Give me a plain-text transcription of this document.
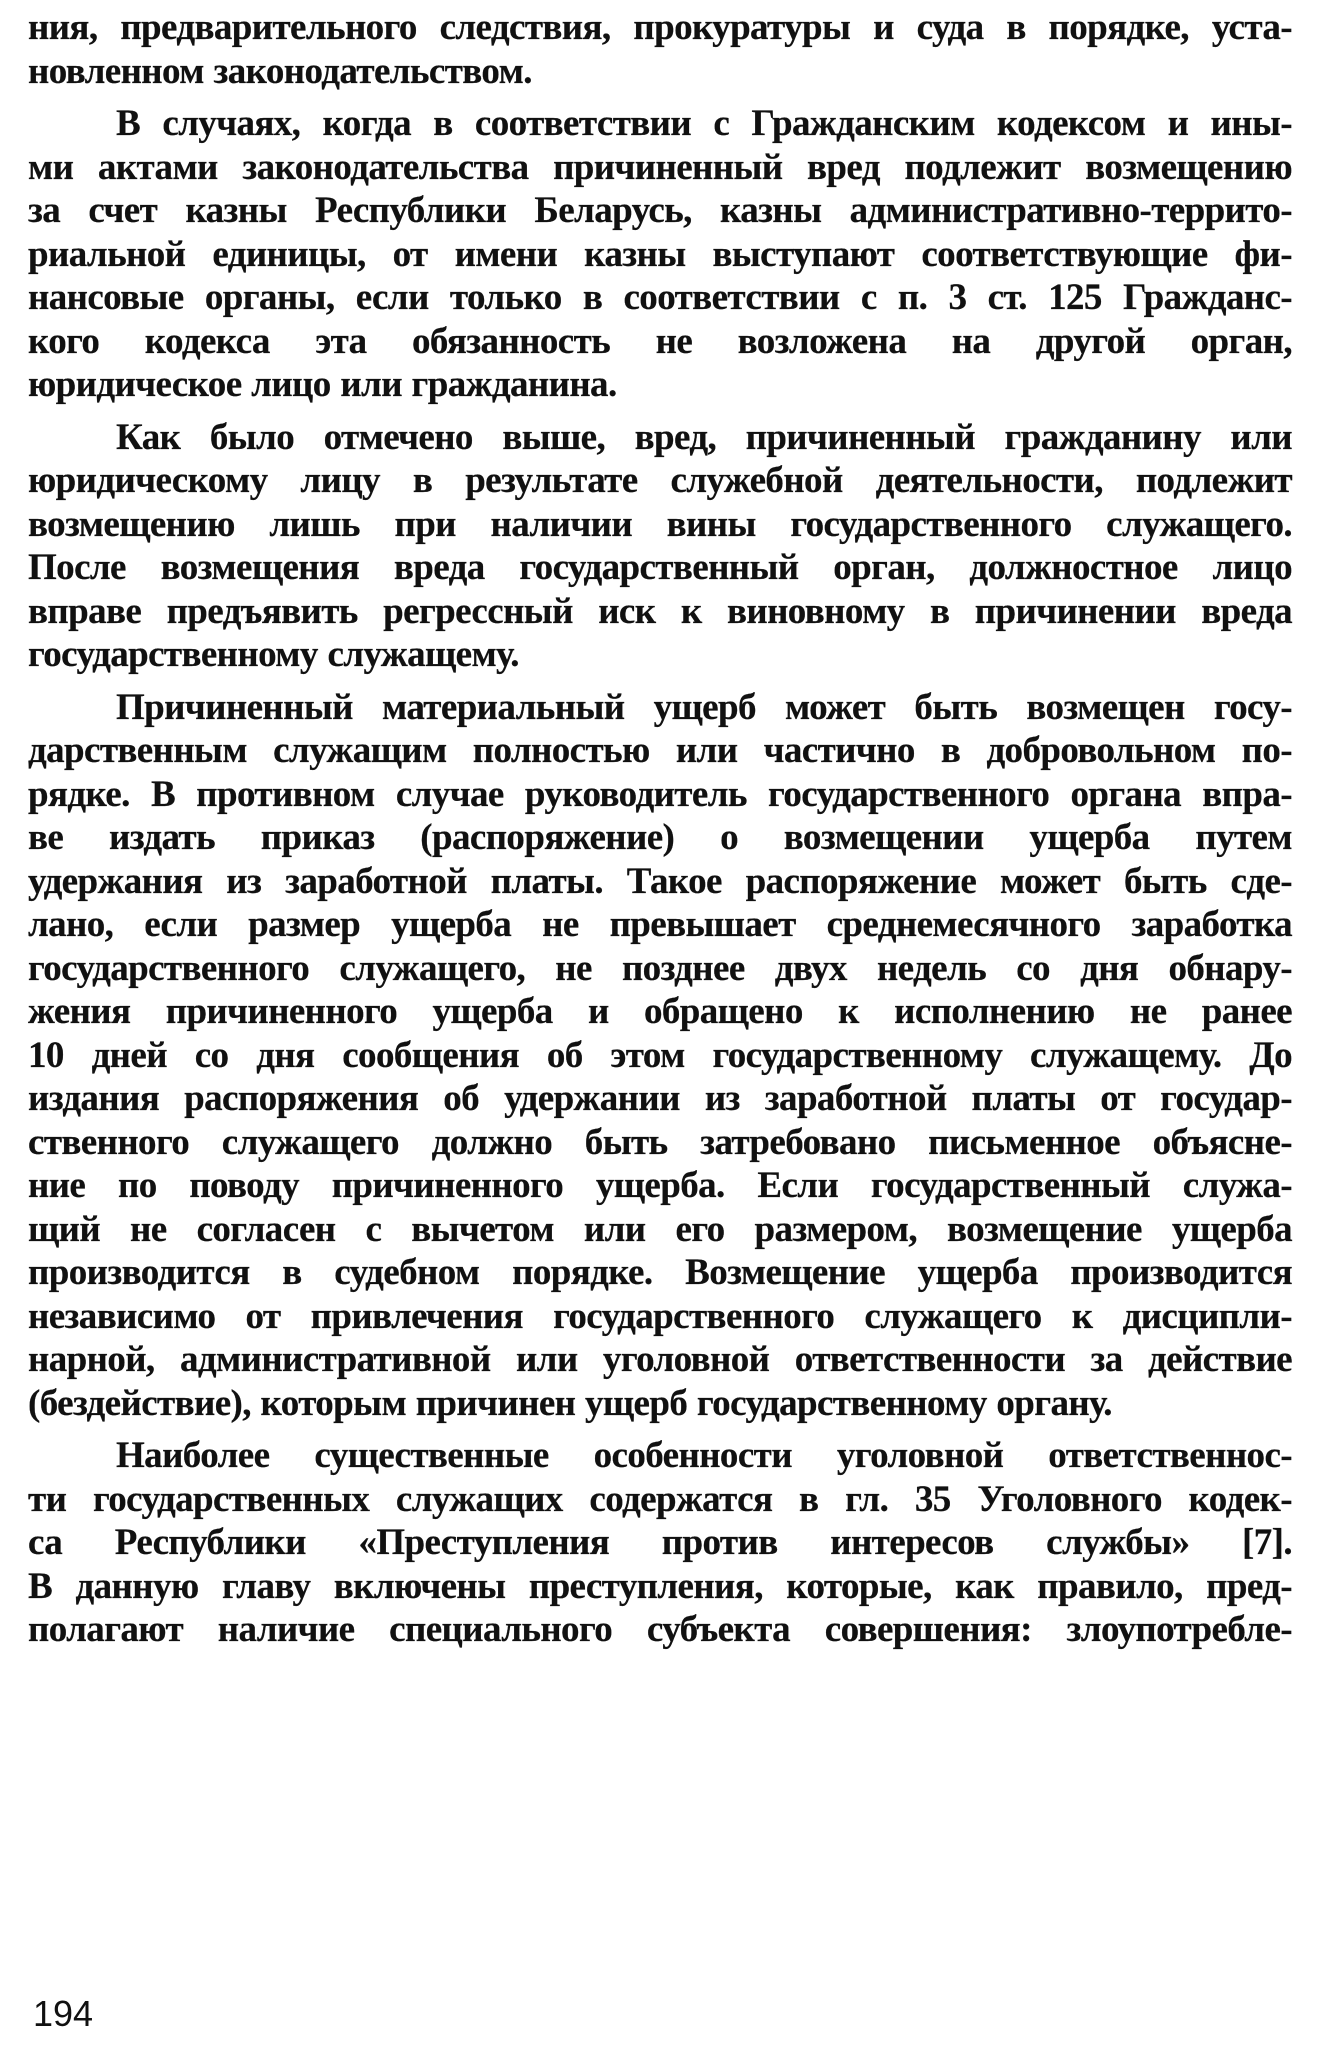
ния, предварительного следствия, прокуратуры и суда в порядке, уста-
новленном законодательством.
В случаях, когда в соответствии с Гражданским кодексом и ины-
ми актами законодательства причиненный вред подлежит возмещению
за счет казны Республики Беларусь, казны административно-террито-
риальной единицы, от имени казны выступают соответствующие фи-
нансовые органы, если только в соответствии с п. 3 ст. 125 Гражданс-
кого кодекса эта обязанность не возложена на другой орган,
юридическое лицо или гражданина.
Как было отмечено выше, вред, причиненный гражданину или
юридическому лицу в результате служебной деятельности, подлежит
возмещению лишь при наличии вины государственного служащего.
После возмещения вреда государственный орган, должностное лицо
вправе предъявить регрессный иск к виновному в причинении вреда
государственному служащему.
Причиненный материальный ущерб может быть возмещен госу-
дарственным служащим полностью или частично в добровольном по-
рядке. В противном случае руководитель государственного органа впра-
ве издать приказ (распоряжение) о возмещении ущерба путем
удержания из заработной платы. Такое распоряжение может быть сде-
лано, если размер ущерба не превышает среднемесячного заработка
государственного служащего, не позднее двух недель со дня обнару-
жения причиненного ущерба и обращено к исполнению не ранее
10 дней со дня сообщения об этом государственному служащему. До
издания распоряжения об удержании из заработной платы от государ-
ственного служащего должно быть затребовано письменное объясне-
ние по поводу причиненного ущерба. Если государственный служа-
щий не согласен с вычетом или его размером, возмещение ущерба
производится в судебном порядке. Возмещение ущерба производится
независимо от привлечения государственного служащего к дисципли-
нарной, административной или уголовной ответственности за действие
(бездействие), которым причинен ущерб государственному органу.
Наиболее существенные особенности уголовной ответственнос-
ти государственных служащих содержатся в гл. 35 Уголовного кодек-
са Республики «Преступления против интересов службы» [7].
В данную главу включены преступления, которые, как правило, пред-
полагают наличие специального субъекта совершения: злоупотребле-
194
